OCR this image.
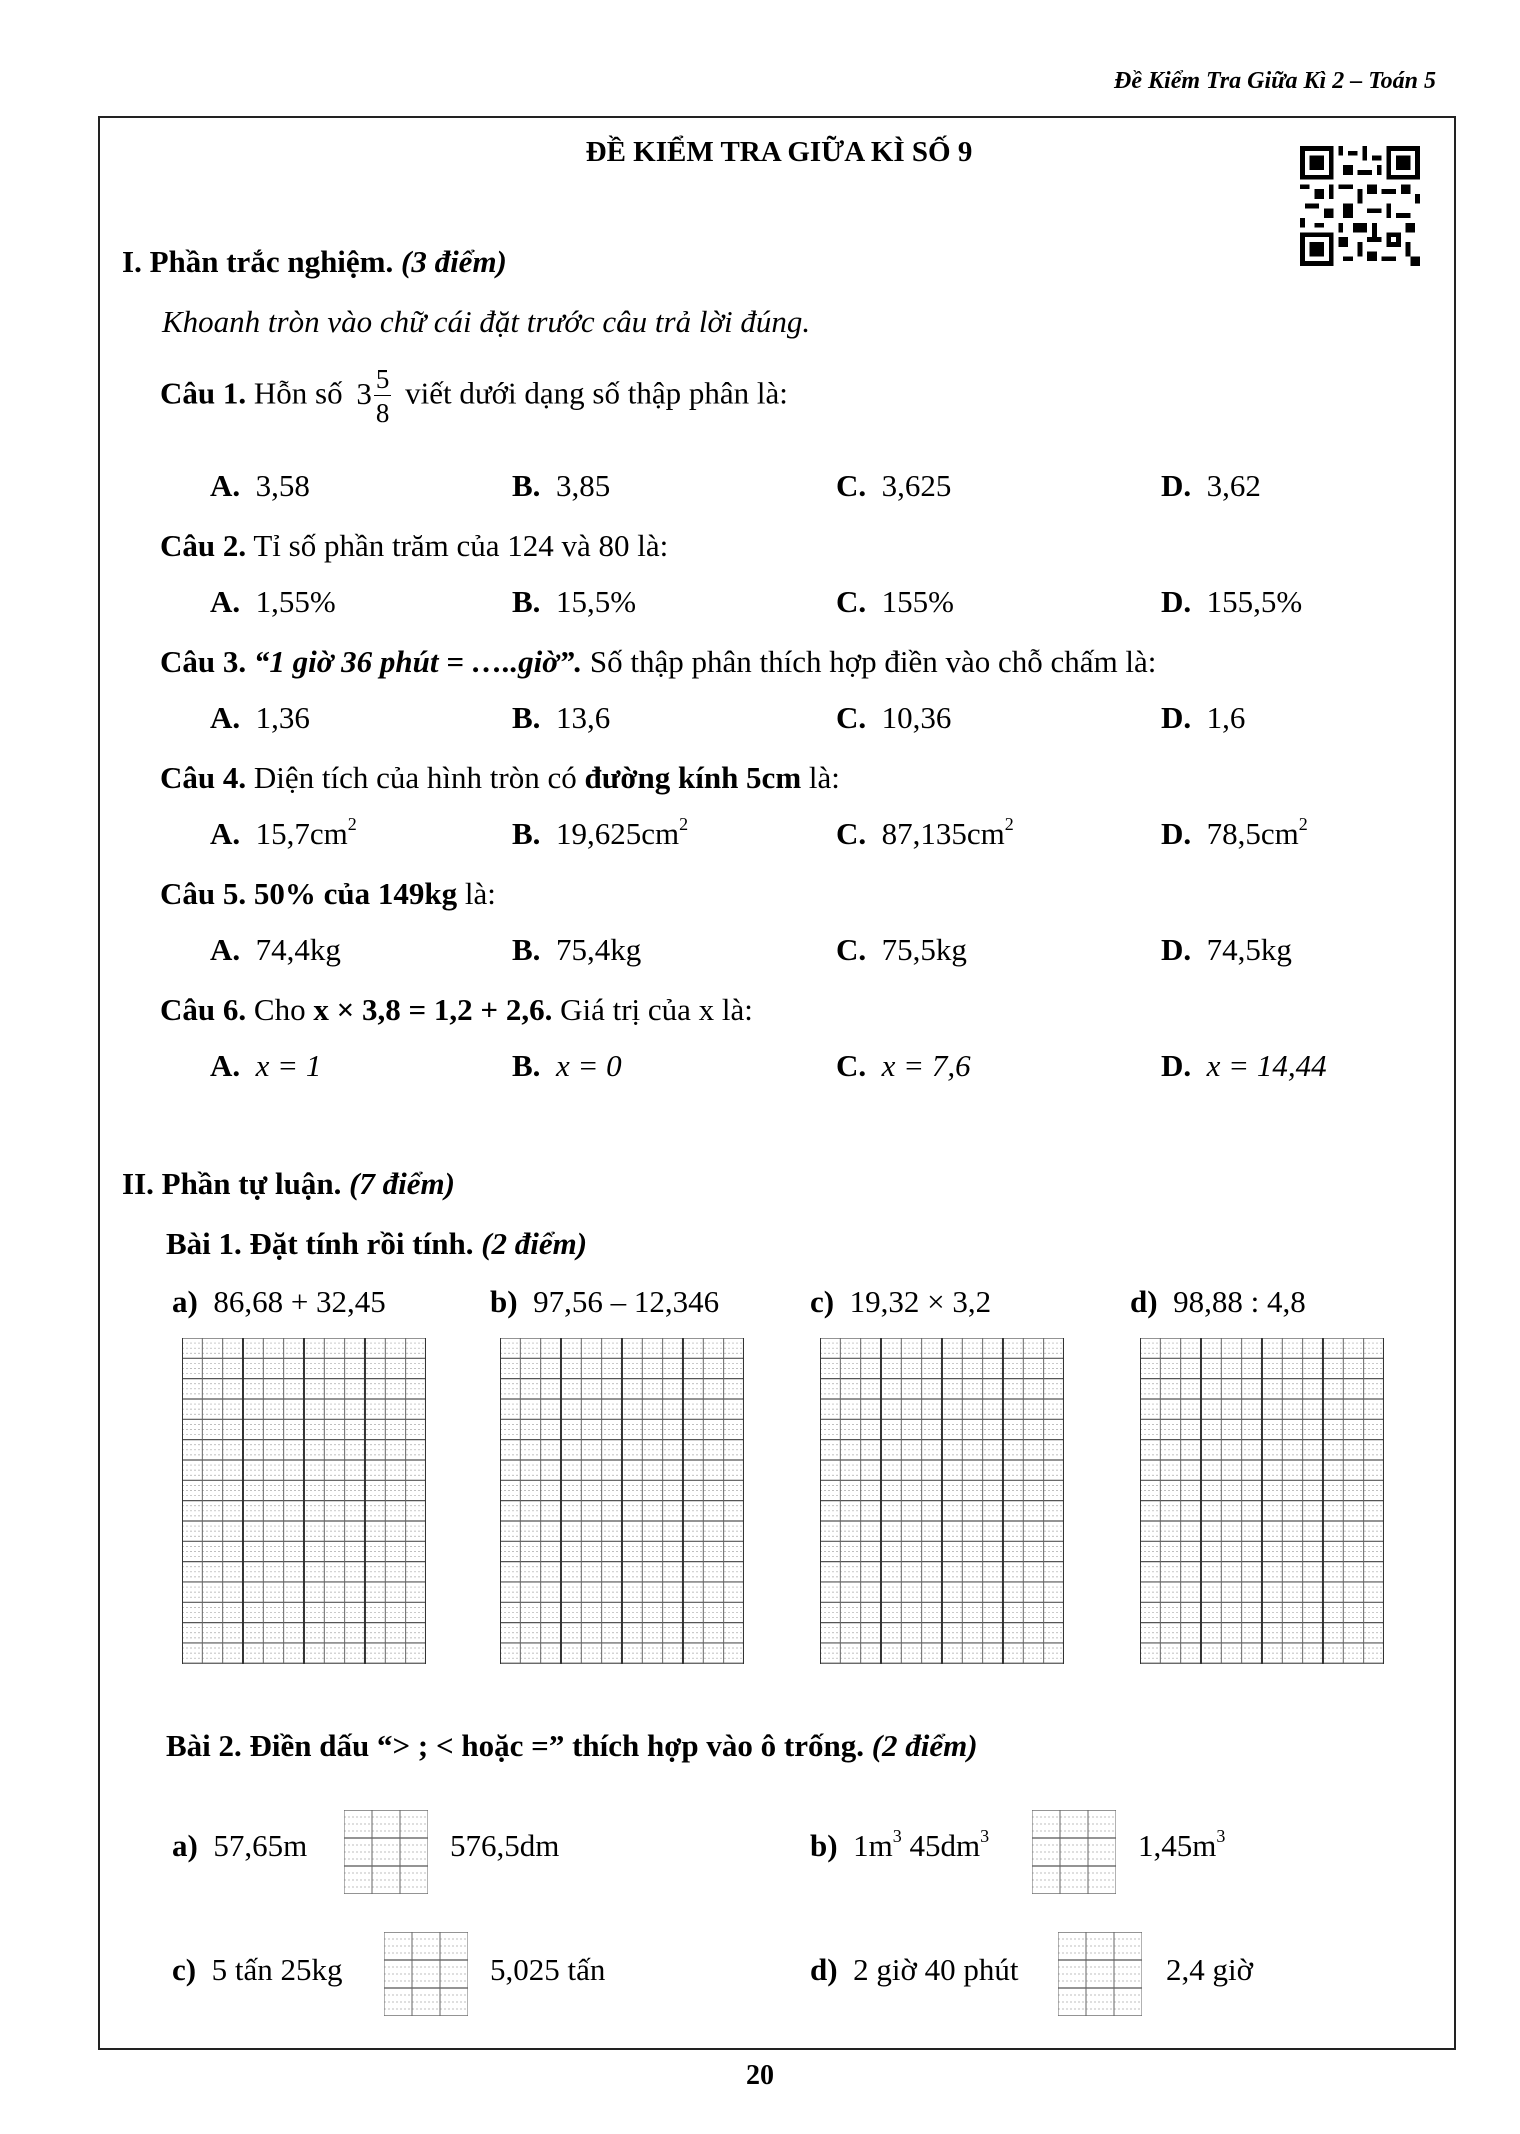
Đề Kiểm Tra Giữa Kì 2 – Toán 5
ĐỀ KIỂM TRA GIỮA KÌ SỐ 9
I. Phần trắc nghiệm. (3 điểm)
Khoanh tròn vào chữ cái đặt trước câu trả lời đúng.
Câu 1. Hỗn số $3 \frac{5}{8}$ viết dưới dạng số thập phân là:
A. 3,58	B. 3,85	C. 3,625	D. 3,62
Câu 2. Tỉ số phần trăm của 124 và 80 là:
A. 1,55%	B. 15,5%	C. 155%	D. 155,5%
Câu 3. “1 giờ 36 phút = …..giờ”. Số thập phân thích hợp điền vào chỗ chấm là:
A. 1,36	B. 13,6	C. 10,36	D. 1,6
Câu 4. Diện tích của hình tròn có đường kính 5cm là:
A. $15,7cm^2$	B. $19,625cm^2$	C. $87,135cm^2$	D. $78,5cm^2$
Câu 5. 50% của 149kg là:
A. 74,4kg	B. 75,4kg	C. 75,5kg	D. 74,5kg
Câu 6. Cho x × 3,8 = 1,2 + 2,6. Giá trị của x là:
A. x = 1	B. x = 0	C. x = 7,6	D. x = 14,44
II. Phần tự luận. (7 điểm)
Bài 1. Đặt tính rồi tính. (2 điểm)
a) 86,68 + 32,45	b) 97,56 – 12,346	c) 19,32 × 3,2	d) 98,88 : 4,8
Bài 2. Điền dấu “> ; < hoặc =” thích hợp vào ô trống. (2 điểm)
a) 57,65m	576,5dm	b) $1m^3$ $45dm^3$	$1,45m^3$
c) 5 tấn 25kg	5,025 tấn	d) 2 giờ 40 phút	2,4 giờ
20
